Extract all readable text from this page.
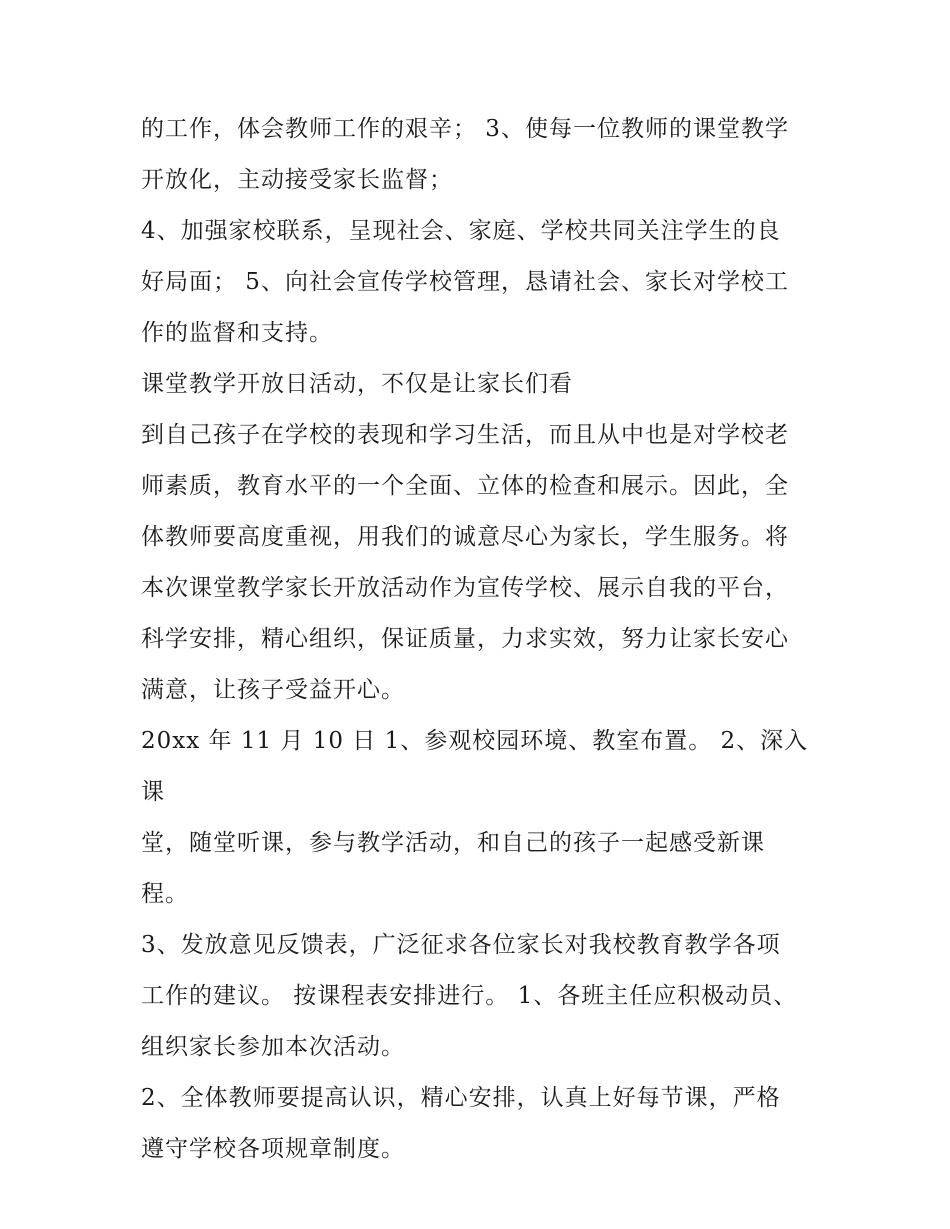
的工作，体会教师工作的艰辛； 3、使每一位教师的课堂教学
开放化，主动接受家长监督；

4、加强家校联系，呈现社会、家庭、学校共同关注学生的良
好局面； 5、向社会宣传学校管理，恳请社会、家长对学校工
作的监督和支持。

课堂教学开放日活动，不仅是让家长们看

到自己孩子在学校的表现和学习生活，而且从中也是对学校老
师素质，教育水平的一个全面、立体的检查和展示。因此，全
体教师要高度重视，用我们的诚意尽心为家长，学生服务。将
本次课堂教学家长开放活动作为宣传学校、展示自我的平台，
科学安排，精心组织，保证质量，力求实效，努力让家长安心
满意，让孩子受益开心。

20xx 年 11 月 10 日 1、参观校园环境、教室布置。 2、深入课
堂，随堂听课，参与教学活动，和自己的孩子一起感受新课
程。

3、发放意见反馈表，广泛征求各位家长对我校教育教学各项
工作的建议。 按课程表安排进行。 1、各班主任应积极动员、
组织家长参加本次活动。

2、全体教师要提高认识，精心安排，认真上好每节课，严格
遵守学校各项规章制度。
